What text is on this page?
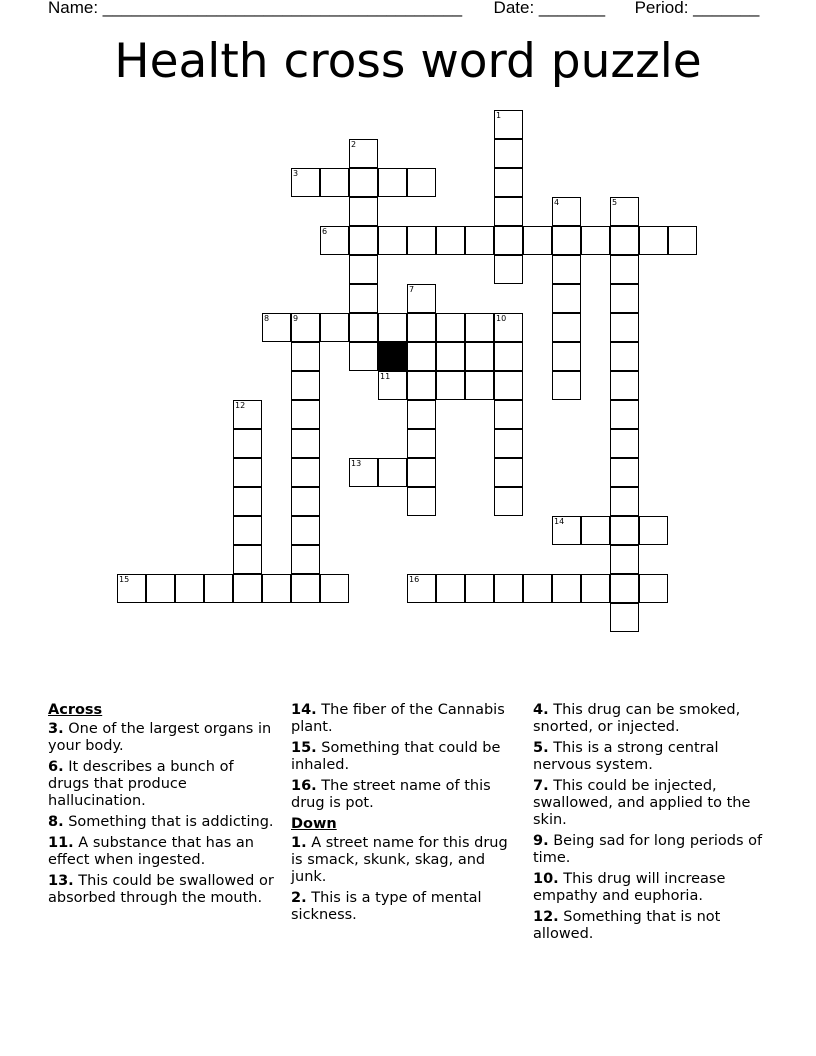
Name: ______________________________________ Date: _______ Period: _______
Health cross word puzzle
1
2
3
4	5
6
7
8	9	10
11
12
13
14
15	16

Across

3. One of the largest organs in your body.

6. It describes a bunch of drugs that produce hallucination.

8. Something that is addicting.

11. A substance that has an effect when ingested.

13. This could be swallowed or absorbed through the mouth.

14. The fiber of the Cannabis plant.

15. Something that could be inhaled.

16. The street name of this drug is pot.

Down

1. A street name for this drug is smack, skunk, skag, and junk.

2. This is a type of mental sickness.

4. This drug can be smoked, snorted, or injected.

5. This is a strong central nervous system.

7. This could be injected, swallowed, and applied to the skin.

9. Being sad for long periods of time.

10. This drug will increase empathy and euphoria.

12. Something that is not allowed.
